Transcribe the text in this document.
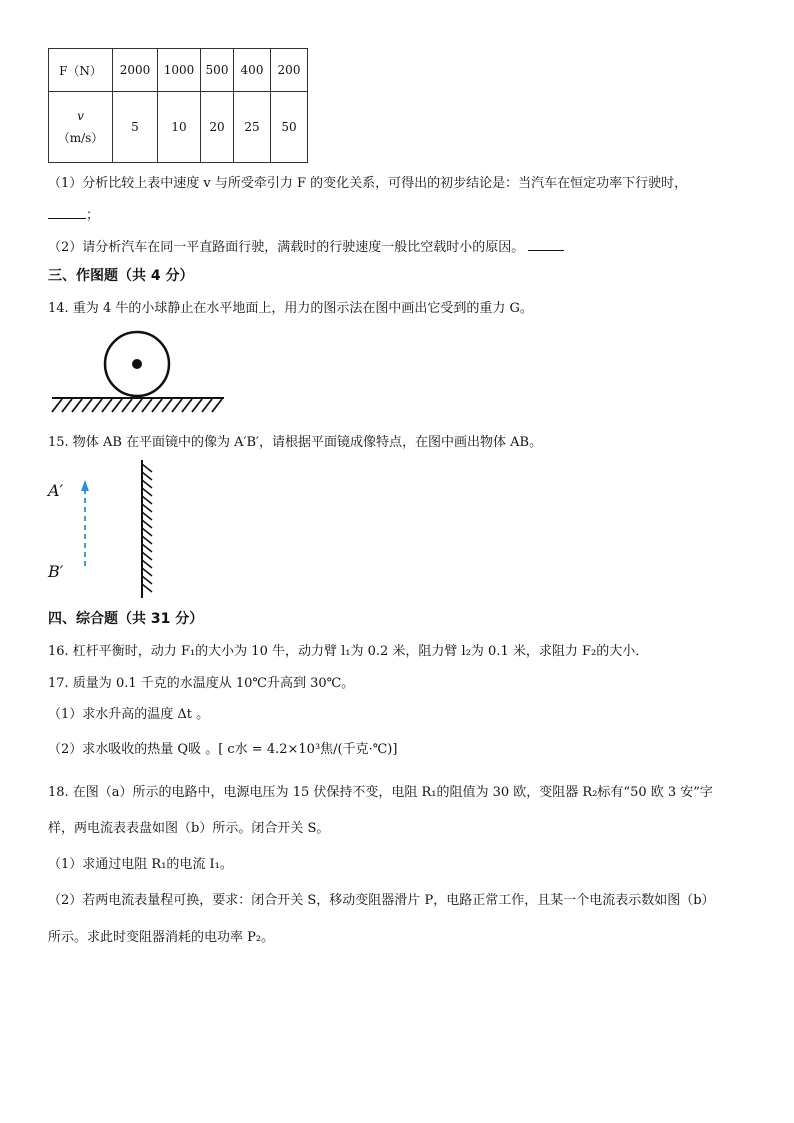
F（N）	2000	1000	500	400	200

v
（m/s）	5	10	20	25	50
（1）分析比较上表中速度 v 与所受牵引力 F 的变化关系，可得出的初步结论是：当汽车在恒定功率下行驶时，
；
（2）请分析汽车在同一平直路面行驶，满载时的行驶速度一般比空载时小的原因。
三、作图题（共 4 分）
14. 重为 4 牛的小球静止在水平地面上，用力的图示法在图中画出它受到的重力 G。
15. 物体 AB 在平面镜中的像为 A′B′，请根据平面镜成像特点，在图中画出物体 AB。
A′
B′
四、综合题（共 31 分）
16. 杠杆平衡时，动力 F₁的大小为 10 牛，动力臂 l₁为 0.2 米，阻力臂 l₂为 0.1 米，求阻力 F₂的大小．
17. 质量为 0.1 千克的水温度从 10℃升高到 30℃。
（1）求水升高的温度 Δt 。
（2）求水吸收的热量 Q吸 。[ c水 = 4.2×10³焦/(千克·℃)]
18. 在图（a）所示的电路中，电源电压为 15 伏保持不变，电阻 R₁的阻值为 30 欧，变阻器 R₂标有“50 欧 3 安”字
样，两电流表表盘如图（b）所示。闭合开关 S。
（1）求通过电阻 R₁的电流 I₁。
（2）若两电流表量程可换，要求：闭合开关 S，移动变阻器滑片 P，电路正常工作，且某一个电流表示数如图（b）
所示。求此时变阻器消耗的电功率 P₂。
